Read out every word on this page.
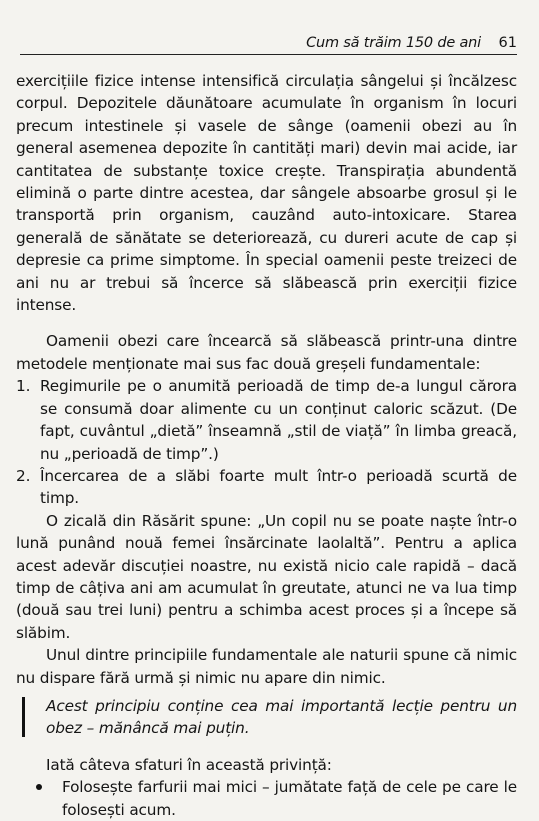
Cum să trăim 150 de ani 61

exercițiile fizice intense intensifică circulația sângelui și încălzesc corpul. Depozitele dăunătoare acumulate în organism în locuri precum intestinele și vasele de sânge (oamenii obezi au în general asemenea depozite în cantități mari) devin mai acide, iar cantitatea de substanțe toxice crește. Transpirația abundentă elimină o parte dintre acestea, dar sângele absoarbe grosul și le transportă prin organism, cauzând auto-intoxicare. Starea generală de sănătate se deteriorează, cu dureri acute de cap și depresie ca prime simptome. În special oamenii peste treizeci de ani nu ar trebui să încerce să slăbească prin exerciții fizice intense.

Oamenii obezi care încearcă să slăbească printr-una dintre metodele menționate mai sus fac două greșeli fundamentale:

1. Regimurile pe o anumită perioadă de timp de-a lungul cărora se consumă doar alimente cu un conținut caloric scăzut. (De fapt, cuvântul „dietă” înseamnă „stil de viață” în limba greacă, nu „perioadă de timp”.)
2. Încercarea de a slăbi foarte mult într-o perioadă scurtă de timp.

O zicală din Răsărit spune: „Un copil nu se poate naște într-o lună punând nouă femei însărcinate laolaltă”. Pentru a aplica acest adevăr discuției noastre, nu există nicio cale rapidă – dacă timp de câțiva ani am acumulat în greutate, atunci ne va lua timp (două sau trei luni) pentru a schimba acest proces și a începe să slăbim.

Unul dintre principiile fundamentale ale naturii spune că nimic nu dispare fără urmă și nimic nu apare din nimic.

Acest principiu conține cea mai importantă lecție pentru un obez – mănâncă mai puțin.

Iată câteva sfaturi în această privință:

Folosește farfurii mai mici – jumătate față de cele pe care le folosești acum.
